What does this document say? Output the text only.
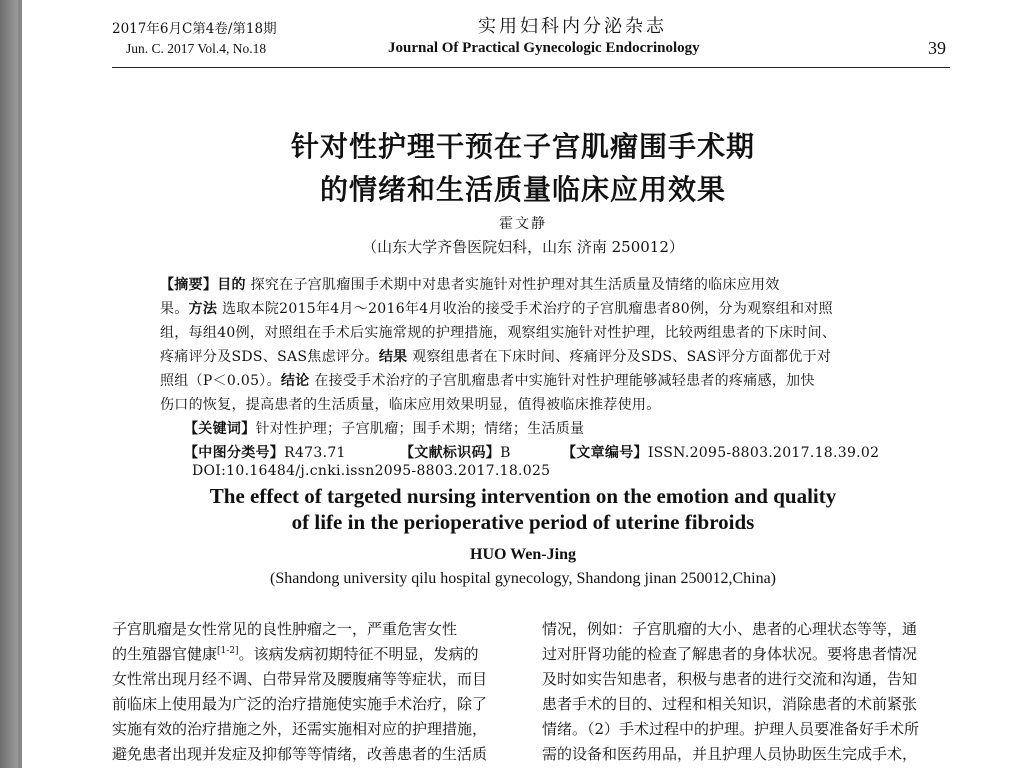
2017年6月C第4卷/第18期
Jun. C. 2017 Vol.4, No.18
实用妇科内分泌杂志
Journal Of Practical Gynecologic Endocrinology	39
针对性护理干预在子宫肌瘤围手术期
的情绪和生活质量临床应用效果
霍文静
（山东大学齐鲁医院妇科，山东 济南 250012）
【摘要】目的 探究在子宫肌瘤围手术期中对患者实施针对性护理对其生活质量及情绪的临床应用效
果。方法 选取本院2015年4月～2016年4月收治的接受手术治疗的子宫肌瘤患者80例，分为观察组和对照
组，每组40例，对照组在手术后实施常规的护理措施，观察组实施针对性护理，比较两组患者的下床时间、
疼痛评分及SDS、SAS焦虑评分。结果 观察组患者在下床时间、疼痛评分及SDS、SAS评分方面都优于对
照组（P＜0.05）。结论 在接受手术治疗的子宫肌瘤患者中实施针对性护理能够减轻患者的疼痛感，加快
伤口的恢复，提高患者的生活质量，临床应用效果明显，值得被临床推荐使用。
【关键词】针对性护理；子宫肌瘤；围手术期；情绪；生活质量
【中图分类号】R473.71	【文献标识码】B	【文章编号】ISSN.2095-8803.2017.18.39.02
DOI:10.16484/j.cnki.issn2095-8803.2017.18.025
The effect of targeted nursing intervention on the emotion and quality
of life in the perioperative period of uterine fibroids
HUO Wen-Jing
(Shandong university qilu hospital gynecology, Shandong jinan 250012,China)
子宫肌瘤是女性常见的良性肿瘤之一，严重危害女性
的生殖器官健康[1-2]。该病发病初期特征不明显，发病的
女性常出现月经不调、白带异常及腰腹痛等等症状，而目
前临床上使用最为广泛的治疗措施使实施手术治疗，除了
实施有效的治疗措施之外，还需实施相对应的护理措施，
避免患者出现并发症及抑郁等等情绪，改善患者的生活质
情况，例如：子宫肌瘤的大小、患者的心理状态等等，通
过对肝肾功能的检查了解患者的身体状况。要将患者情况
及时如实告知患者，积极与患者的进行交流和沟通，告知
患者手术的目的、过程和相关知识，消除患者的术前紧张
情绪。（2）手术过程中的护理。护理人员要准备好手术所
需的设备和医药用品，并且护理人员协助医生完成手术，
